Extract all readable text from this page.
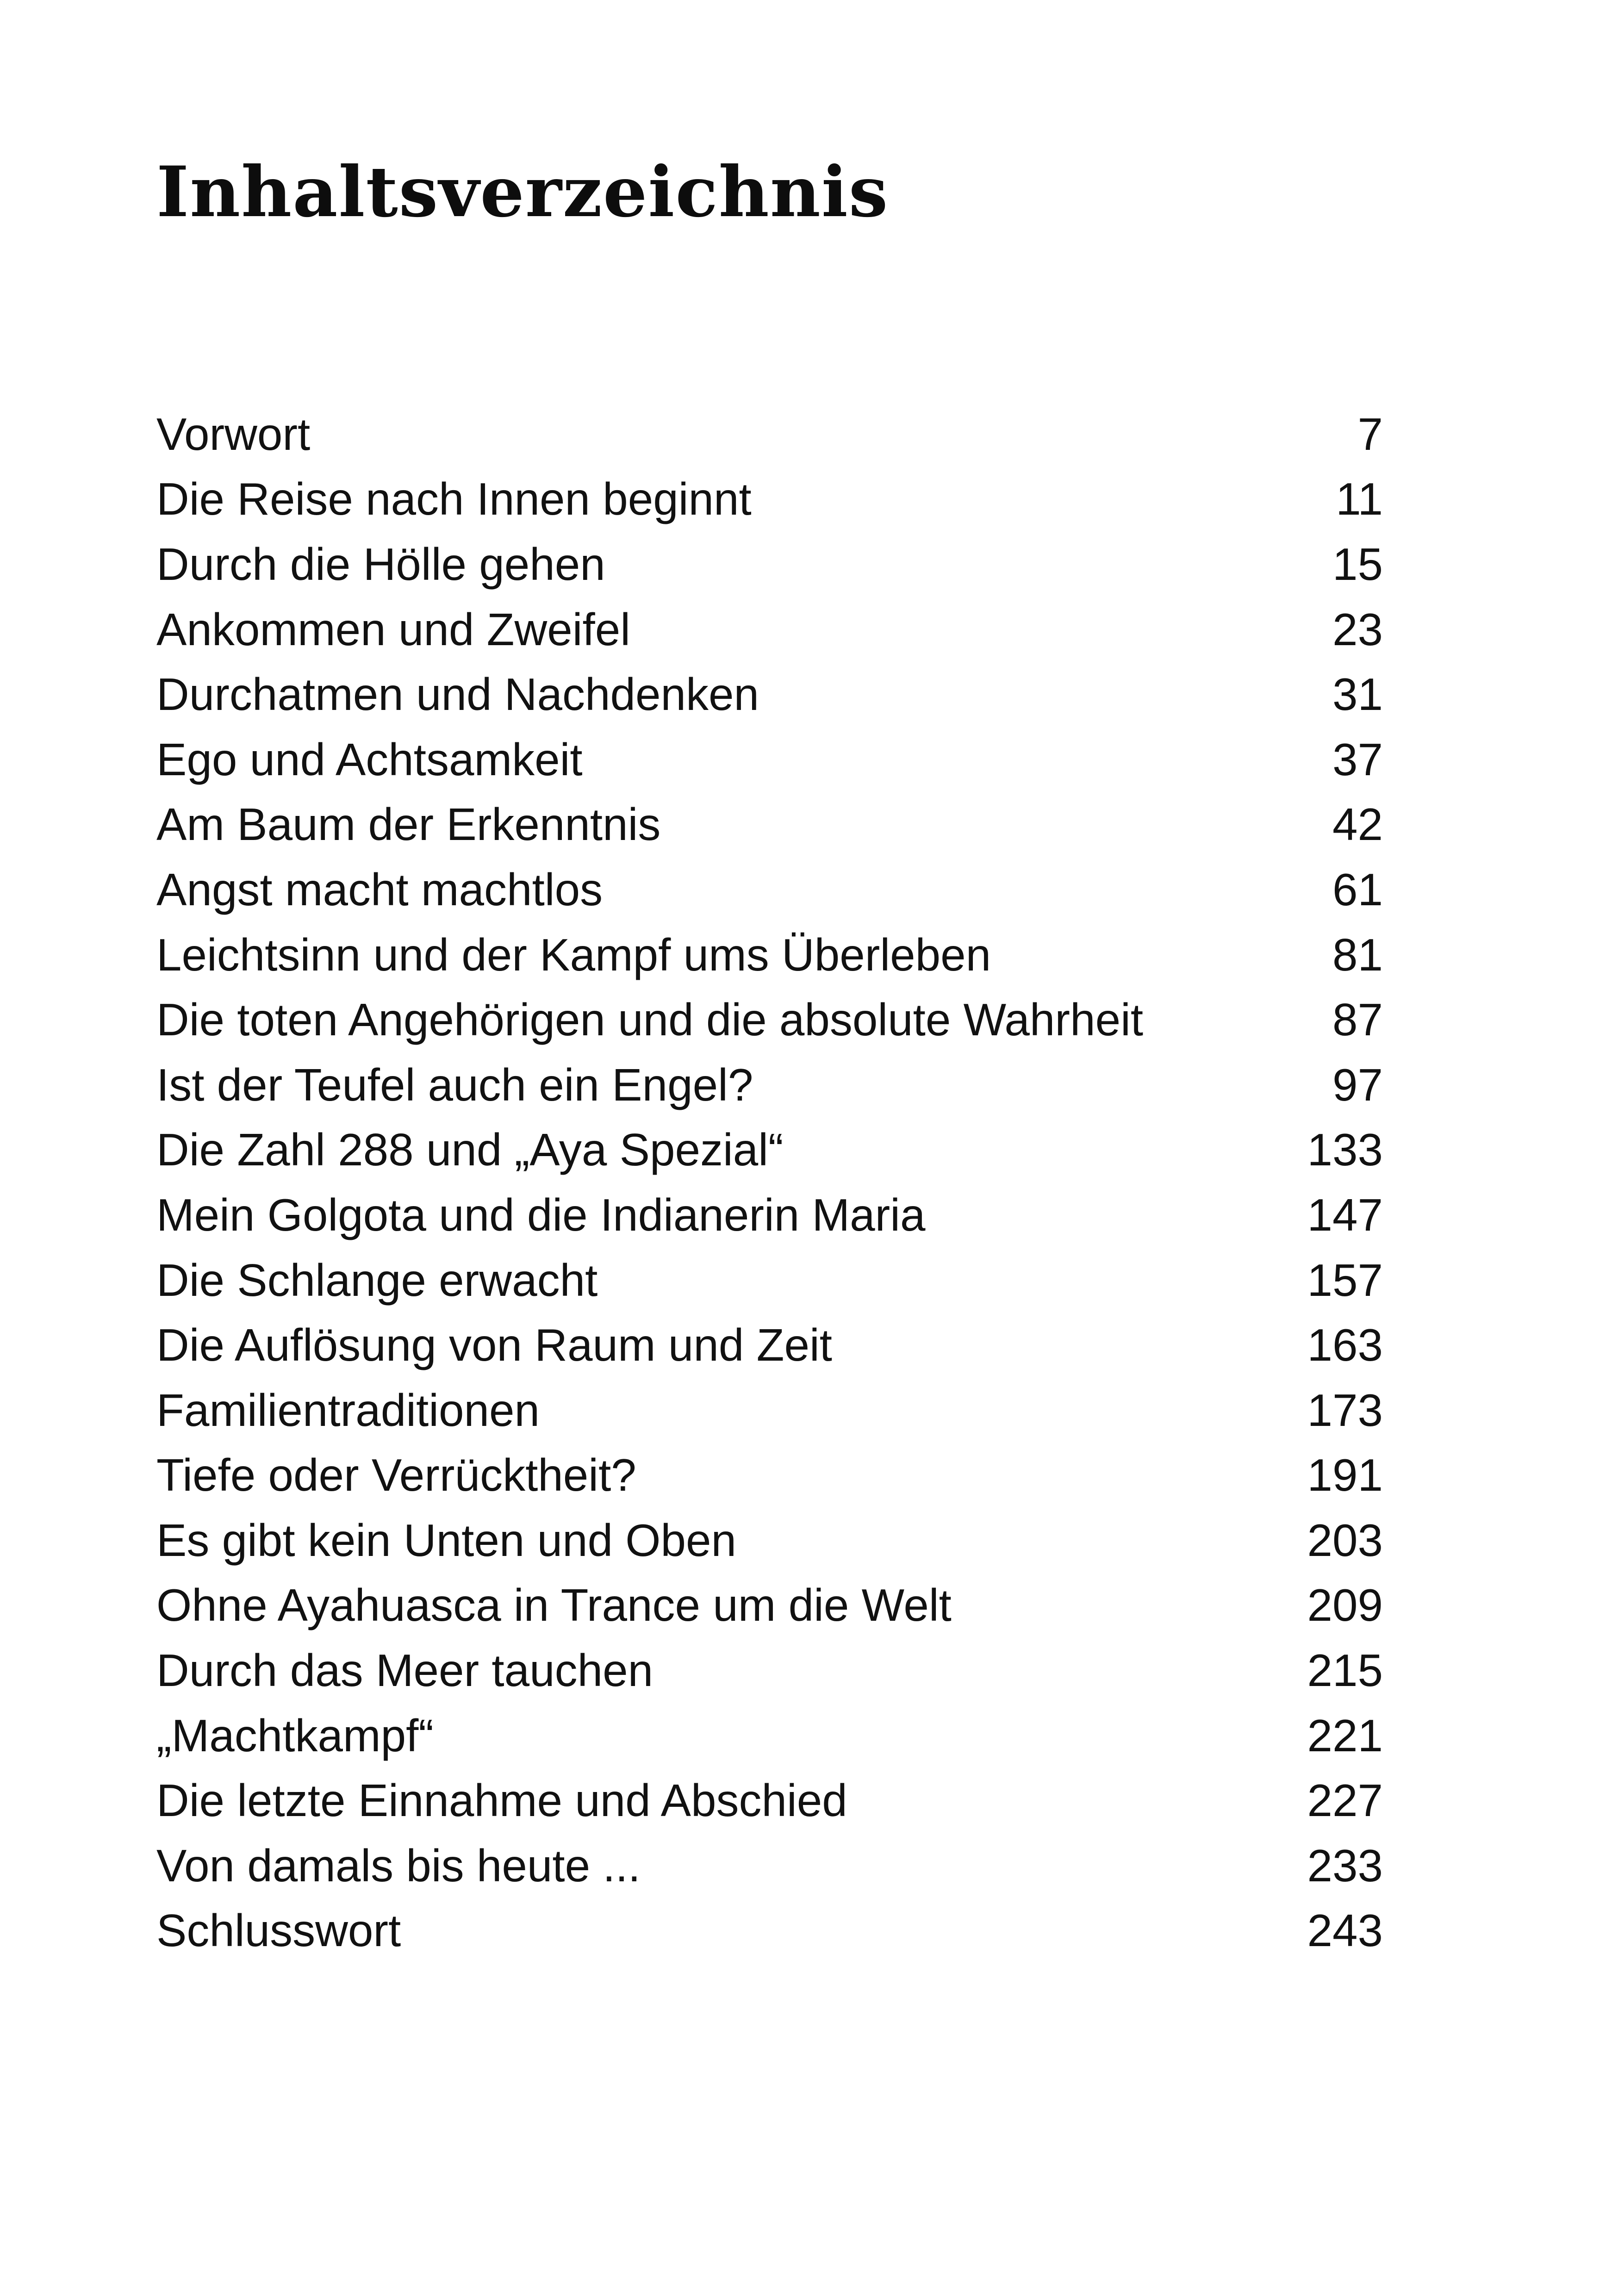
Inhaltsverzeichnis
Vorwort	7
Die Reise nach Innen beginnt	11
Durch die Hölle gehen	15
Ankommen und Zweifel	23
Durchatmen und Nachdenken	31
Ego und Achtsamkeit	37
Am Baum der Erkenntnis	42
Angst macht machtlos	61
Leichtsinn und der Kampf ums Überleben	81
Die toten Angehörigen und die absolute Wahrheit	87
Ist der Teufel auch ein Engel?	97
Die Zahl 288 und „Aya Spezial“	133
Mein Golgota und die Indianerin Maria	147
Die Schlange erwacht	157
Die Auflösung von Raum und Zeit	163
Familientraditionen	173
Tiefe oder Verrücktheit?	191
Es gibt kein Unten und Oben	203
Ohne Ayahuasca in Trance um die Welt	209
Durch das Meer tauchen	215
„Machtkampf“	221
Die letzte Einnahme und Abschied	227
Von damals bis heute ...	233
Schlusswort	243
